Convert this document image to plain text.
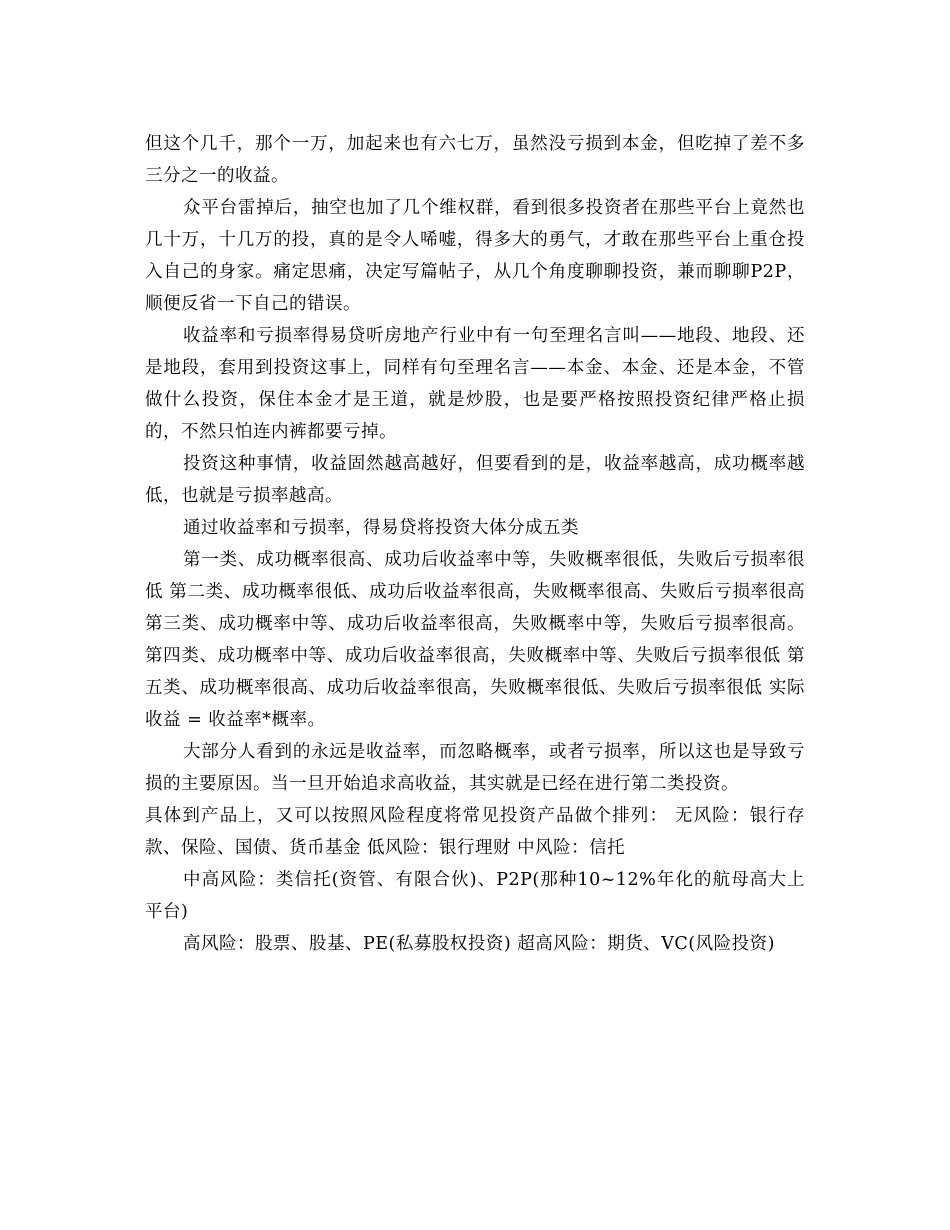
但这个几千，那个一万，加起来也有六七万，虽然没亏损到本金，但吃掉了差不多三分之一的收益。

众平台雷掉后，抽空也加了几个维权群，看到很多投资者在那些平台上竟然也几十万，十几万的投，真的是令人唏嘘，得多大的勇气，才敢在那些平台上重仓投入自己的身家。痛定思痛，决定写篇帖子，从几个角度聊聊投资，兼而聊聊P2P，顺便反省一下自己的错误。

收益率和亏损率得易贷听房地产行业中有一句至理名言叫——地段、地段、还是地段，套用到投资这事上，同样有句至理名言——本金、本金、还是本金，不管做什么投资，保住本金才是王道，就是炒股，也是要严格按照投资纪律严格止损的，不然只怕连内裤都要亏掉。

投资这种事情，收益固然越高越好，但要看到的是，收益率越高，成功概率越低，也就是亏损率越高。

通过收益率和亏损率，得易贷将投资大体分成五类

第一类、成功概率很高、成功后收益率中等，失败概率很低，失败后亏损率很低 第二类、成功概率很低、成功后收益率很高，失败概率很高、失败后亏损率很高 第三类、成功概率中等、成功后收益率很高，失败概率中等，失败后亏损率很高。 第四类、成功概率中等、成功后收益率很高，失败概率中等、失败后亏损率很低 第五类、成功概率很高、成功后收益率很高，失败概率很低、失败后亏损率很低 实际收益 = 收益率*概率。

大部分人看到的永远是收益率，而忽略概率，或者亏损率，所以这也是导致亏损的主要原因。当一旦开始追求高收益，其实就是已经在进行第二类投资。

具体到产品上，又可以按照风险程度将常见投资产品做个排列： 无风险：银行存款、保险、国债、货币基金 低风险：银行理财 中风险：信托

中高风险：类信托(资管、有限合伙)、P2P(那种10~12%年化的航母高大上平台)

高风险：股票、股基、PE(私募股权投资) 超高风险：期货、VC(风险投资)
